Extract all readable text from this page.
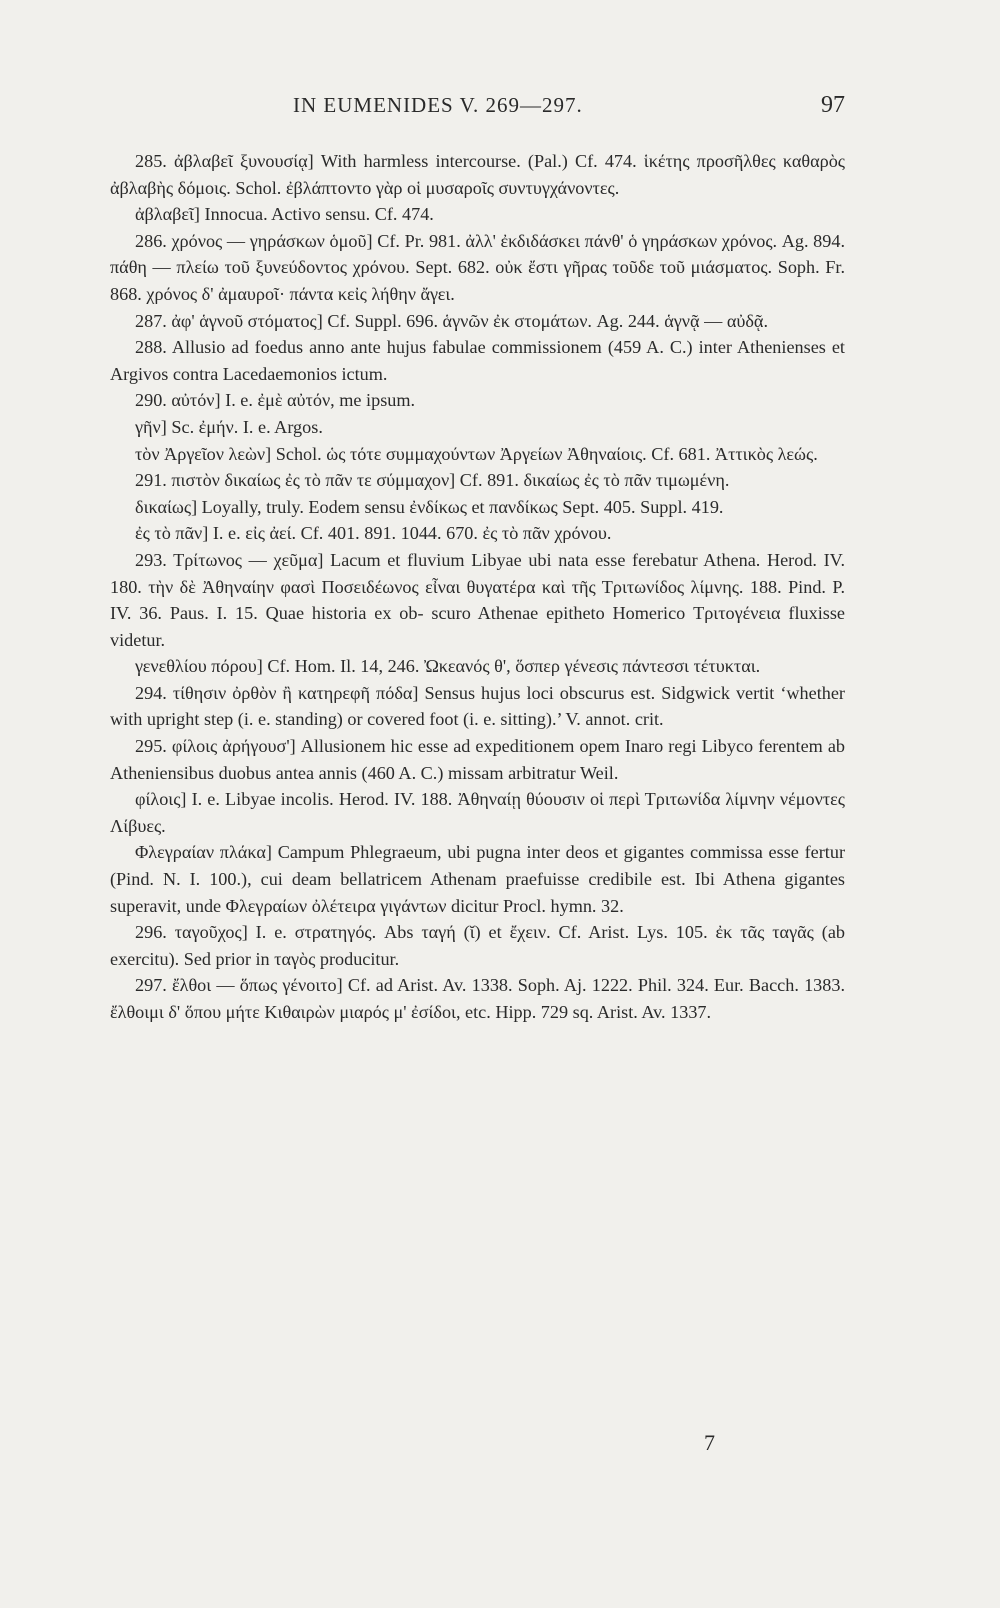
IN EUMENIDES V. 269—297.	97

285. ἀβλαβεῖ ξυνουσίᾳ] With harmless intercourse. (Pal.) Cf. 474. ἱκέτης προσῆλθες καθαρὸς ἀβλαβὴς δόμοις. Schol. ἐβλάπτοντο γὰρ οἱ μυσαροῖς συντυγχάνοντες.

ἀβλαβεῖ] Innocua. Activo sensu. Cf. 474.

286. χρόνος — γηράσκων ὁμοῦ] Cf. Pr. 981. ἀλλ' ἐκδιδάσκει πάνθ' ὁ γηράσκων χρόνος. Ag. 894. πάθη — πλείω τοῦ ξυνεύδοντος χρόνου. Sept. 682. οὐκ ἔστι γῆρας τοῦδε τοῦ μιάσματος. Soph. Fr. 868. χρόνος δ' ἀμαυροῖ· πάντα κεἰς λήθην ἄγει.

287. ἀφ' ἁγνοῦ στόματος] Cf. Suppl. 696. ἁγνῶν ἐκ στομάτων. Ag. 244. ἁγνᾷ — αὐδᾷ.

288. Allusio ad foedus anno ante hujus fabulae commissionem (459 A. C.) inter Athenienses et Argivos contra Lacedaemonios ictum.

290. αὐτόν] I. e. ἐμὲ αὐτόν, me ipsum.

γῆν] Sc. ἐμήν. I. e. Argos.

τὸν Ἀργεῖον λεὼν] Schol. ὡς τότε συμμαχούντων Ἀργείων Ἀθηναίοις. Cf. 681. Ἀττικὸς λεώς.

291. πιστὸν δικαίως ἐς τὸ πᾶν τε σύμμαχον] Cf. 891. δικαίως ἐς τὸ πᾶν τιμωμένη.

δικαίως] Loyally, truly. Eodem sensu ἐνδίκως et πανδίκως Sept. 405. Suppl. 419.

ἐς τὸ πᾶν] I. e. εἰς ἀεί. Cf. 401. 891. 1044. 670. ἐς τὸ πᾶν χρόνου.

293. Τρίτωνος — χεῦμα] Lacum et fluvium Libyae ubi nata esse ferebatur Athena. Herod. IV. 180. τὴν δὲ Ἀθηναίην φασὶ Ποσειδέωνος εἶναι θυγατέρα καὶ τῆς Τριτωνίδος λίμνης. 188. Pind. P. IV. 36. Paus. I. 15. Quae historia ex ob- scuro Athenae epitheto Homerico Τριτογένεια fluxisse videtur.

γενεθλίου πόρου] Cf. Hom. Il. 14, 246. Ὠκεανός θ', ὅσπερ γένεσις πάντεσσι τέτυκται.

294. τίθησιν ὀρθὸν ἢ κατηρεφῆ πόδα] Sensus hujus loci obscurus est. Sidgwick vertit ‘whether with upright step (i. e. standing) or covered foot (i. e. sitting).’ V. annot. crit.

295. φίλοις ἀρήγουσ'] Allusionem hic esse ad expeditionem opem Inaro regi Libyco ferentem ab Atheniensibus duobus antea annis (460 A. C.) missam arbitratur Weil.

φίλοις] I. e. Libyae incolis. Herod. IV. 188. Ἀθηναίῃ θύουσιν οἱ περὶ Τριτωνίδα λίμνην νέμοντες Λίβυες.

Φλεγραίαν πλάκα] Campum Phlegraeum, ubi pugna inter deos et gigantes commissa esse fertur (Pind. N. I. 100.), cui deam bellatricem Athenam praefuisse credibile est. Ibi Athena gigantes superavit, unde Φλεγραίων ὀλέτειρα γιγάντων dicitur Procl. hymn. 32.

296. ταγοῦχος] I. e. στρατηγός. Abs ταγή (ῐ) et ἔχειν. Cf. Arist. Lys. 105. ἐκ τᾶς ταγᾶς (ab exercitu). Sed prior in ταγὸς producitur.

297. ἔλθοι — ὅπως γένοιτο] Cf. ad Arist. Av. 1338. Soph. Aj. 1222. Phil. 324. Eur. Bacch. 1383. ἔλθοιμι δ' ὅπου μήτε Κιθαιρὼν μιαρός μ' ἐσίδοι, etc. Hipp. 729 sq. Arist. Av. 1337.

7
